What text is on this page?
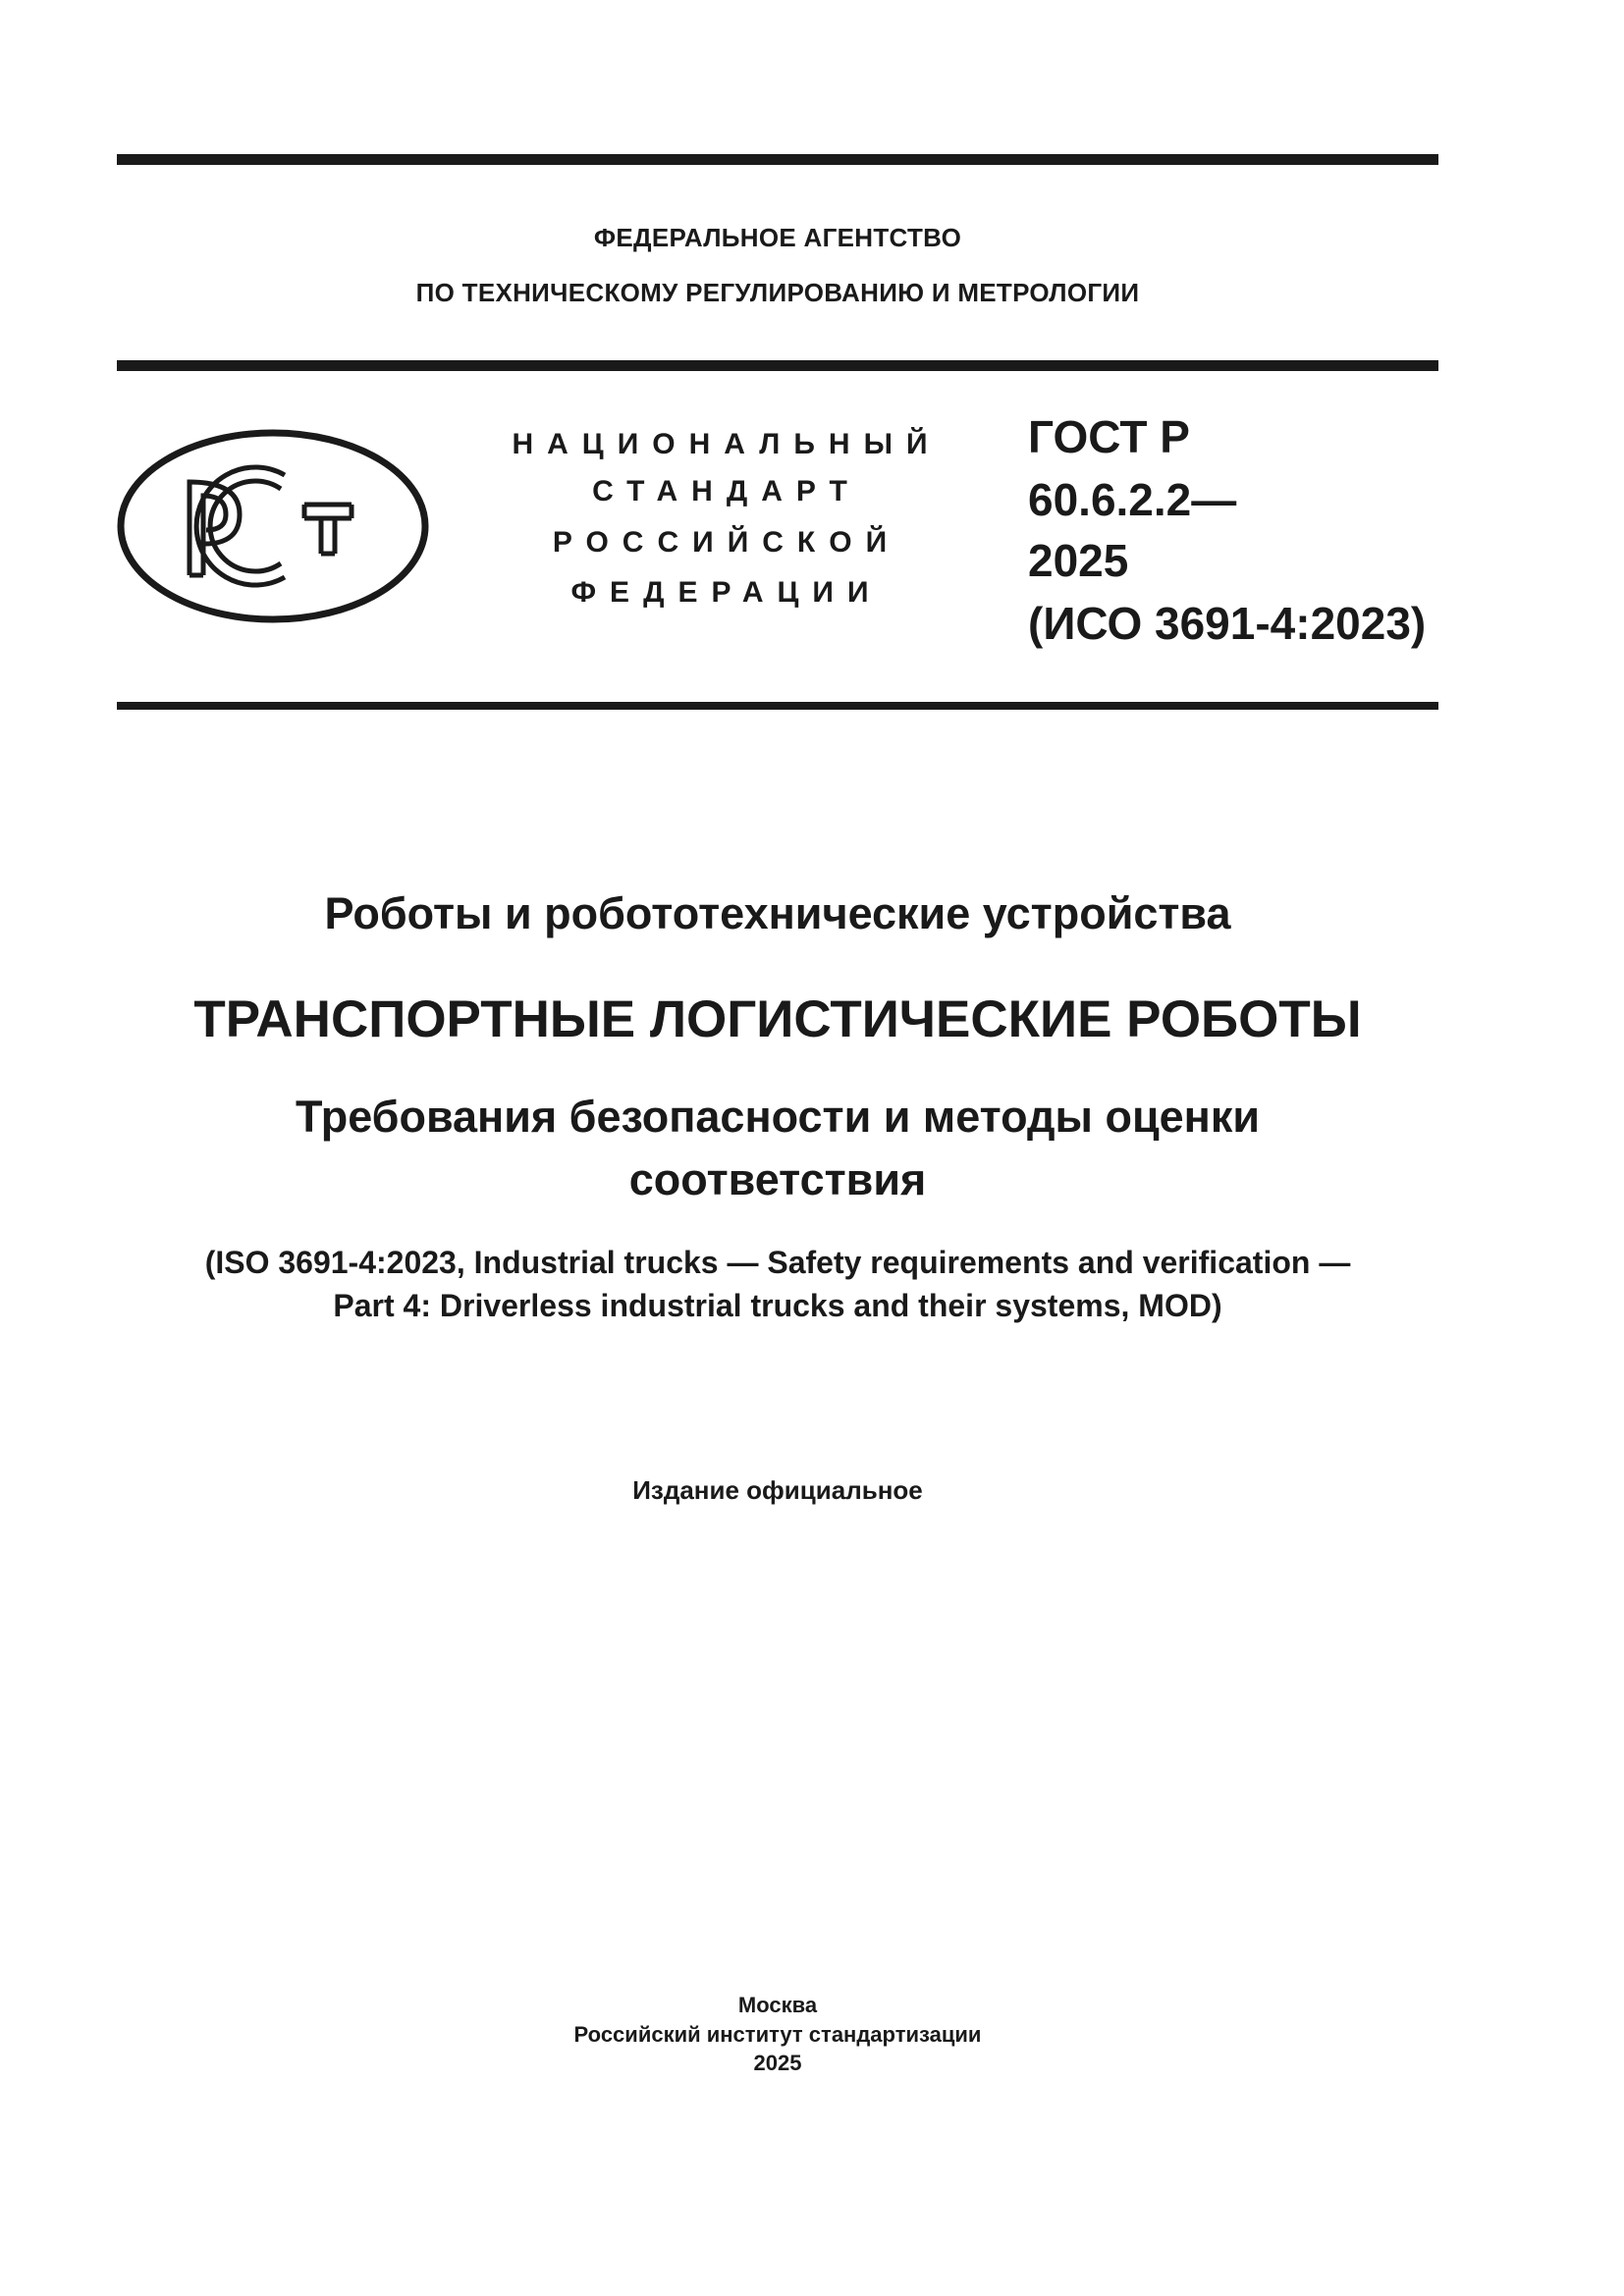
ФЕДЕРАЛЬНОЕ АГЕНТСТВО
ПО ТЕХНИЧЕСКОМУ РЕГУЛИРОВАНИЮ И МЕТРОЛОГИИ
НАЦИОНАЛЬНЫЙ
СТАНДАРТ
РОССИЙСКОЙ
ФЕДЕРАЦИИ
ГОСТ Р
60.6.2.2—
2025
(ИСО 3691-4:2023)
Роботы и робототехнические устройства
ТРАНСПОРТНЫЕ ЛОГИСТИЧЕСКИЕ РОБОТЫ
Требования безопасности и методы оценки
соответствия
(ISO 3691-4:2023, Industrial trucks — Safety requirements and verification —
Part 4: Driverless industrial trucks and their systems, MOD)
Издание официальное
Москва
Российский институт стандартизации
2025
